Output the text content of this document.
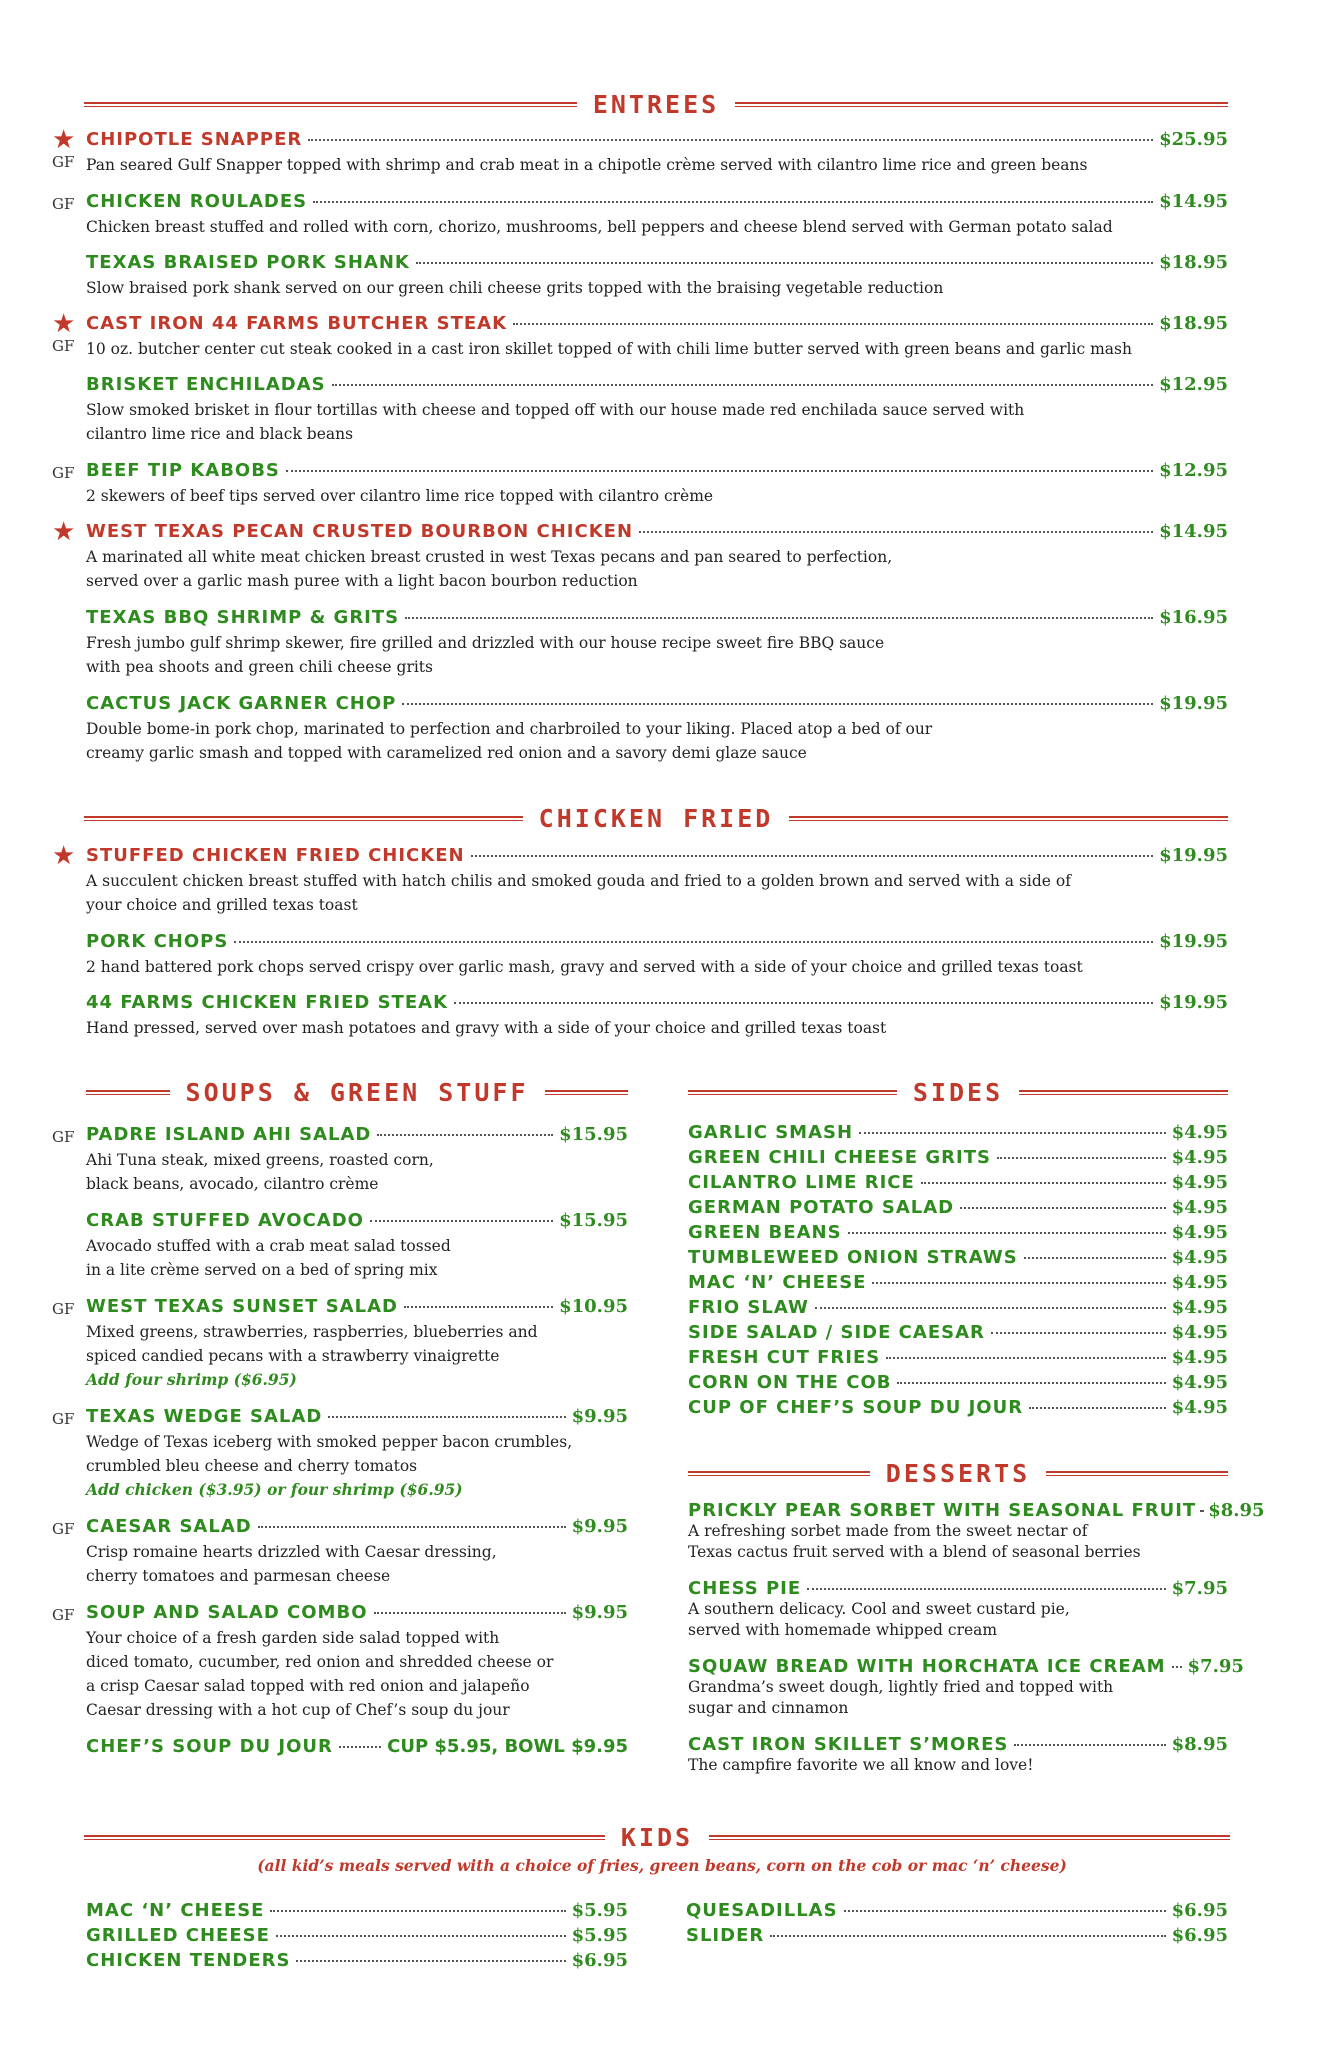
ENTREES
★
GF
CHIPOTLE SNAPPER	$25.95
Pan seared Gulf Snapper topped with shrimp and crab meat in a chipotle crème served with cilantro lime rice and green beans
GF CHICKEN ROULADES	$14.95
Chicken breast stuffed and rolled with corn, chorizo, mushrooms, bell peppers and cheese blend served with German potato salad
TEXAS BRAISED PORK SHANK	$18.95
Slow braised pork shank served on our green chili cheese grits topped with the braising vegetable reduction
★
GF
CAST IRON 44 FARMS BUTCHER STEAK	$18.95
10 oz. butcher center cut steak cooked in a cast iron skillet topped of with chili lime butter served with green beans and garlic mash
BRISKET ENCHILADAS	$12.95
Slow smoked brisket in flour tortillas with cheese and topped off with our house made red enchilada sauce served with
cilantro lime rice and black beans
GF BEEF TIP KABOBS	$12.95
2 skewers of beef tips served over cilantro lime rice topped with cilantro crème
★ WEST TEXAS PECAN CRUSTED BOURBON CHICKEN	$14.95
A marinated all white meat chicken breast crusted in west Texas pecans and pan seared to perfection,
served over a garlic mash puree with a light bacon bourbon reduction
TEXAS BBQ SHRIMP & GRITS	$16.95
Fresh jumbo gulf shrimp skewer, fire grilled and drizzled with our house recipe sweet fire BBQ sauce
with pea shoots and green chili cheese grits
CACTUS JACK GARNER CHOP	$19.95
Double bome-in pork chop, marinated to perfection and charbroiled to your liking. Placed atop a bed of our
creamy garlic smash and topped with caramelized red onion and a savory demi glaze sauce
CHICKEN FRIED
★ STUFFED CHICKEN FRIED CHICKEN	$19.95
A succulent chicken breast stuffed with hatch chilis and smoked gouda and fried to a golden brown and served with a side of
your choice and grilled texas toast
PORK CHOPS	$19.95
2 hand battered pork chops served crispy over garlic mash, gravy and served with a side of your choice and grilled texas toast
44 FARMS CHICKEN FRIED STEAK	$19.95
Hand pressed, served over mash potatoes and gravy with a side of your choice and grilled texas toast
SOUPS & GREEN STUFF
GF PADRE ISLAND AHI SALAD	$15.95
Ahi Tuna steak, mixed greens, roasted corn,
black beans, avocado, cilantro crème
CRAB STUFFED AVOCADO	$15.95
Avocado stuffed with a crab meat salad tossed
in a lite crème served on a bed of spring mix
GF WEST TEXAS SUNSET SALAD	$10.95
Mixed greens, strawberries, raspberries, blueberries and
spiced candied pecans with a strawberry vinaigrette
Add four shrimp ($6.95)
GF TEXAS WEDGE SALAD	$9.95
Wedge of Texas iceberg with smoked pepper bacon crumbles,
crumbled bleu cheese and cherry tomatos
Add chicken ($3.95) or four shrimp ($6.95)
GF CAESAR SALAD	$9.95
Crisp romaine hearts drizzled with Caesar dressing,
cherry tomatoes and parmesan cheese
GF SOUP AND SALAD COMBO	$9.95
Your choice of a fresh garden side salad topped with
diced tomato, cucumber, red onion and shredded cheese or
a crisp Caesar salad topped with red onion and jalapeño
Caesar dressing with a hot cup of Chef’s soup du jour
CHEF’S SOUP DU JOUR	CUP $5.95, BOWL $9.95
SIDES
GARLIC SMASH	$4.95
GREEN CHILI CHEESE GRITS	$4.95
CILANTRO LIME RICE	$4.95
GERMAN POTATO SALAD	$4.95
GREEN BEANS	$4.95
TUMBLEWEED ONION STRAWS	$4.95
MAC ‘N’ CHEESE	$4.95
FRIO SLAW	$4.95
SIDE SALAD / SIDE CAESAR	$4.95
FRESH CUT FRIES	$4.95
CORN ON THE COB	$4.95
CUP OF CHEF’S SOUP DU JOUR	$4.95
DESSERTS
PRICKLY PEAR SORBET WITH SEASONAL FRUIT $8.95
A refreshing sorbet made from the sweet nectar of
Texas cactus fruit served with a blend of seasonal berries
CHESS PIE	$7.95
A southern delicacy. Cool and sweet custard pie,
served with homemade whipped cream
SQUAW BREAD WITH HORCHATA ICE CREAM $7.95
Grandma’s sweet dough, lightly fried and topped with
sugar and cinnamon
CAST IRON SKILLET S’MORES	$8.95
The campfire favorite we all know and love!
KIDS
(all kid’s meals served with a choice of fries, green beans, corn on the cob or mac ‘n’ cheese)
MAC ‘N’ CHEESE	$5.95
GRILLED CHEESE	$5.95
CHICKEN TENDERS	$6.95
QUESADILLAS	$6.95
SLIDER	$6.95
